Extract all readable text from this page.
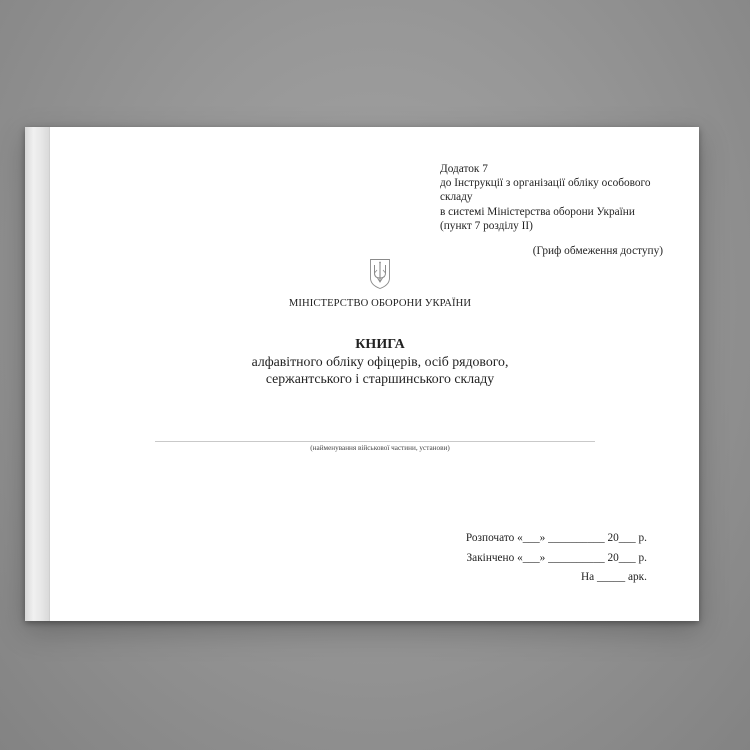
Додаток 7
до Інструкції з організації обліку особового
складу
в системі Міністерства оборони України
(пункт 7 розділу II)
(Гриф обмеження доступу)
МІНІСТЕРСТВО ОБОРОНИ УКРАЇНИ
КНИГА
алфавітного обліку офіцерів, осіб рядового,
сержантського і старшинського складу
(найменування військової частини, установи)
Розпочато «___» __________ 20___ р.
Закінчено «___» __________ 20___ р.
На _____ арк.
